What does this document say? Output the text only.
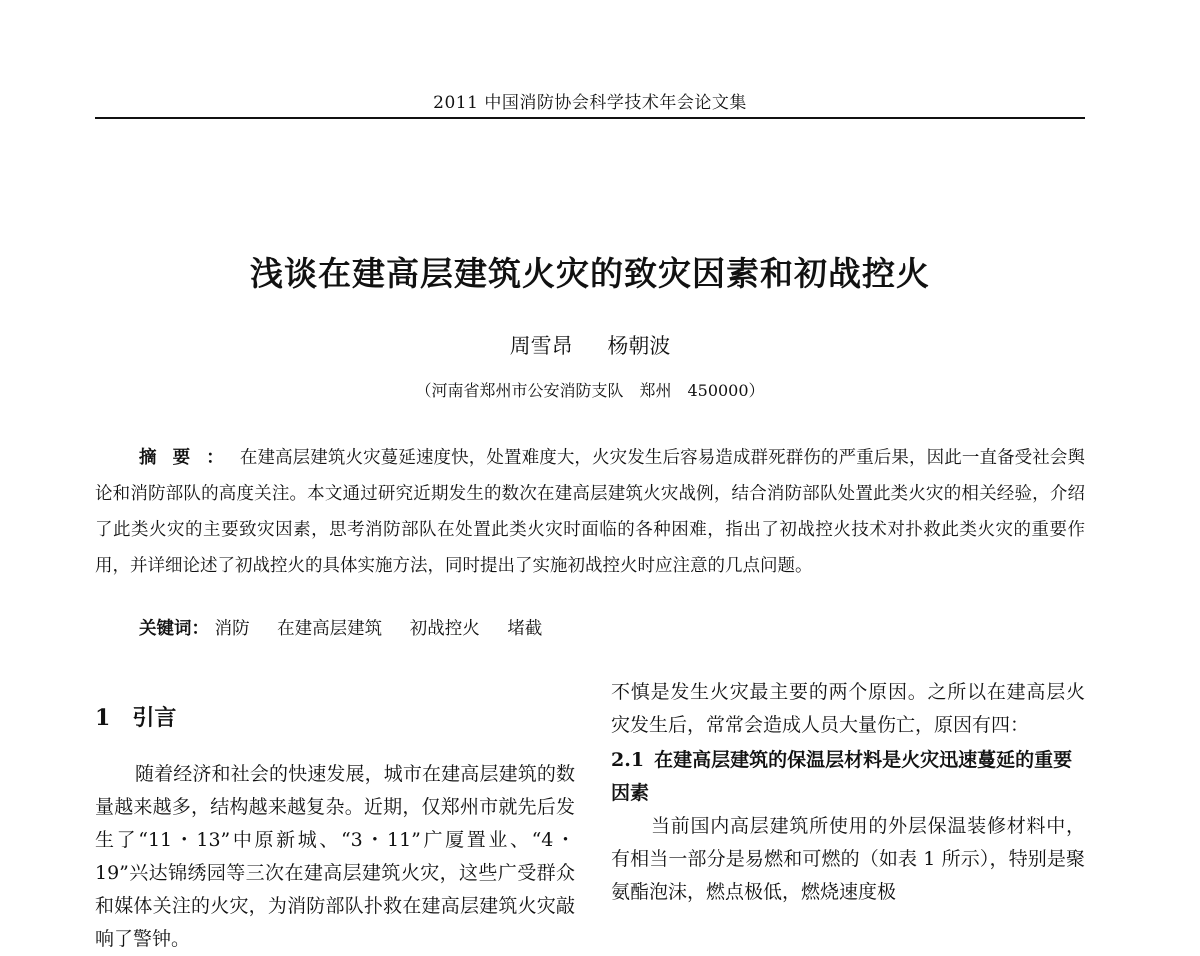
2011 中国消防协会科学技术年会论文集
浅谈在建高层建筑火灾的致灾因素和初战控火
周雪昂 杨朝波
（河南省郑州市公安消防支队　郑州　450000）
摘要：在建高层建筑火灾蔓延速度快，处置难度大，火灾发生后容易造成群死群伤的严重后果，因此一直备受社会舆论和消防部队的高度关注。本文通过研究近期发生的数次在建高层建筑火灾战例，结合消防部队处置此类火灾的相关经验，介绍了此类火灾的主要致灾因素，思考消防部队在处置此类火灾时面临的各种困难，指出了初战控火技术对扑救此类火灾的重要作用，并详细论述了初战控火的具体实施方法，同时提出了实施初战控火时应注意的几点问题。
关键词： 消防 在建高层建筑 初战控火 堵截
1 引言

随着经济和社会的快速发展，城市在建高层建筑的数量越来越多，结构越来越复杂。近期，仅郑州市就先后发生了“11・13”中原新城、“3・11”广厦置业、“4・19”兴达锦绣园等三次在建高层建筑火灾，这些广受群众和媒体关注的火灾，为消防部队扑救在建高层建筑火灾敲响了警钟。

不慎是发生火灾最主要的两个原因。之所以在建高层火灾发生后，常常会造成人员大量伤亡，原因有四：

2.1 在建高层建筑的保温层材料是火灾迅速蔓延的重要因素

当前国内高层建筑所使用的外层保温装修材料中，有相当一部分是易燃和可燃的（如表 1 所示），特别是聚氨酯泡沫，燃点极低，燃烧速度极
